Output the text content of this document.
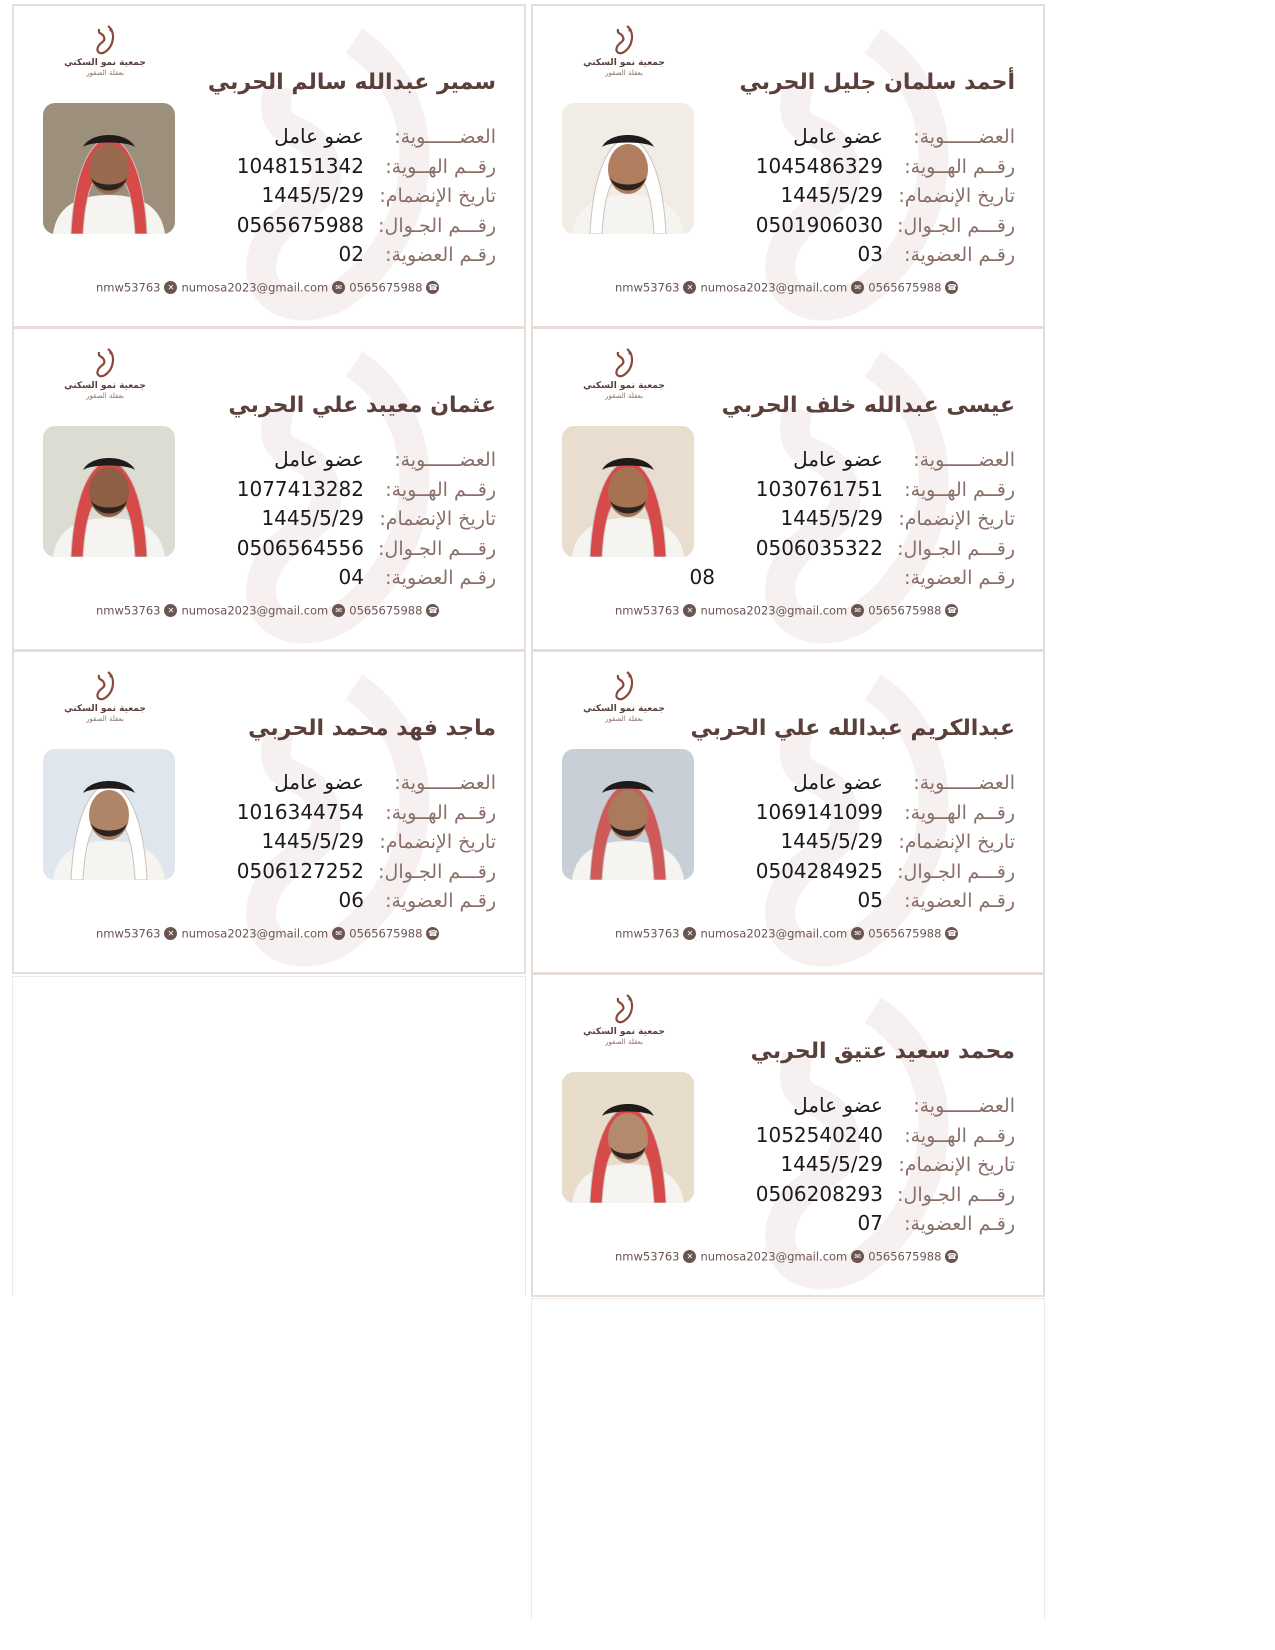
جمعية نمو السكني
بعقلة الصقور	أحمد سلمان جليل الحربي
العضــــــوية:عضو عامل
رقــم الهــوية:1045486329
تاريخ الإنضمام:1445/5/29
رقـــم الجـوال:0501906030
رقـم العضوية:03
nmw53763 ✕ numosa2023@gmail.com ✉ 0565675988 ☎
جمعية نمو السكني
بعقلة الصقور	سمير عبدالله سالم الحربي
العضــــــوية:عضو عامل
رقــم الهــوية:1048151342
تاريخ الإنضمام:1445/5/29
رقـــم الجـوال:0565675988
رقـم العضوية:02
nmw53763 ✕ numosa2023@gmail.com ✉ 0565675988 ☎
جمعية نمو السكني
بعقلة الصقور	عيسى عبدالله خلف الحربي
العضــــــوية:عضو عامل
رقــم الهــوية:1030761751
تاريخ الإنضمام:1445/5/29
رقـــم الجـوال:0506035322
رقـم العضوية:08
nmw53763 ✕ numosa2023@gmail.com ✉ 0565675988 ☎
جمعية نمو السكني
بعقلة الصقور	عثمان معيبد علي الحربي
العضــــــوية:عضو عامل
رقــم الهــوية:1077413282
تاريخ الإنضمام:1445/5/29
رقـــم الجـوال:0506564556
رقـم العضوية:04
nmw53763 ✕ numosa2023@gmail.com ✉ 0565675988 ☎
جمعية نمو السكني
بعقلة الصقور	عبدالكريم عبدالله علي الحربي
العضــــــوية:عضو عامل
رقــم الهــوية:1069141099
تاريخ الإنضمام:1445/5/29
رقـــم الجـوال:0504284925
رقـم العضوية:05
nmw53763 ✕ numosa2023@gmail.com ✉ 0565675988 ☎
جمعية نمو السكني
بعقلة الصقور	ماجد فهد محمد الحربي
العضــــــوية:عضو عامل
رقــم الهــوية:1016344754
تاريخ الإنضمام:1445/5/29
رقـــم الجـوال:0506127252
رقـم العضوية:06
nmw53763 ✕ numosa2023@gmail.com ✉ 0565675988 ☎
جمعية نمو السكني
بعقلة الصقور	محمد سعيد عتيق الحربي
العضــــــوية:عضو عامل
رقــم الهــوية:1052540240
تاريخ الإنضمام:1445/5/29
رقـــم الجـوال:0506208293
رقـم العضوية:07
nmw53763 ✕ numosa2023@gmail.com ✉ 0565675988 ☎
